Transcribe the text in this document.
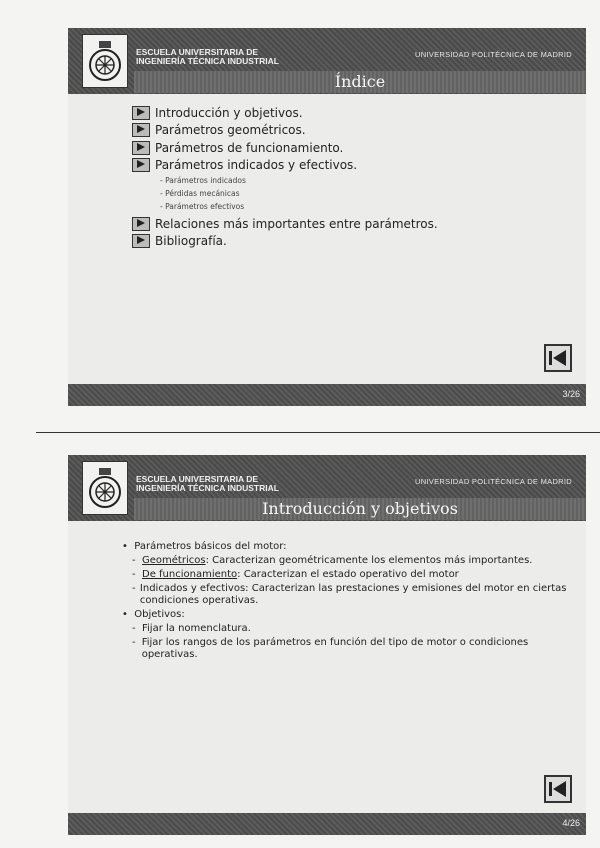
ESCUELA UNIVERSITARIA DE
INGENIERÍA TÉCNICA INDUSTRIAL
UNIVERSIDAD POLITÉCNICA DE MADRID
Índice
Introducción y objetivos.
Parámetros geométricos.
Parámetros de funcionamiento.
Parámetros indicados y efectivos.
- Parámetros indicados
- Pérdidas mecánicas
- Parámetros efectivos
Relaciones más importantes entre parámetros.
Bibliografía.
3/26
ESCUELA UNIVERSITARIA DE
INGENIERÍA TÉCNICA INDUSTRIAL
UNIVERSIDAD POLITÉCNICA DE MADRID
Introducción y objetivos
•  Parámetros básicos del motor:
- Geométricos: Caracterizan geométricamente los elementos más importantes.
- De funcionamiento: Caracterizan el estado operativo del motor
- Indicados y efectivos: Caracterizan las prestaciones y emisiones del motor en ciertas condiciones operativas.
•  Objetivos:
- Fijar la nomenclatura.
- Fijar los rangos de los parámetros en función del tipo de motor o condiciones operativas.
4/26
